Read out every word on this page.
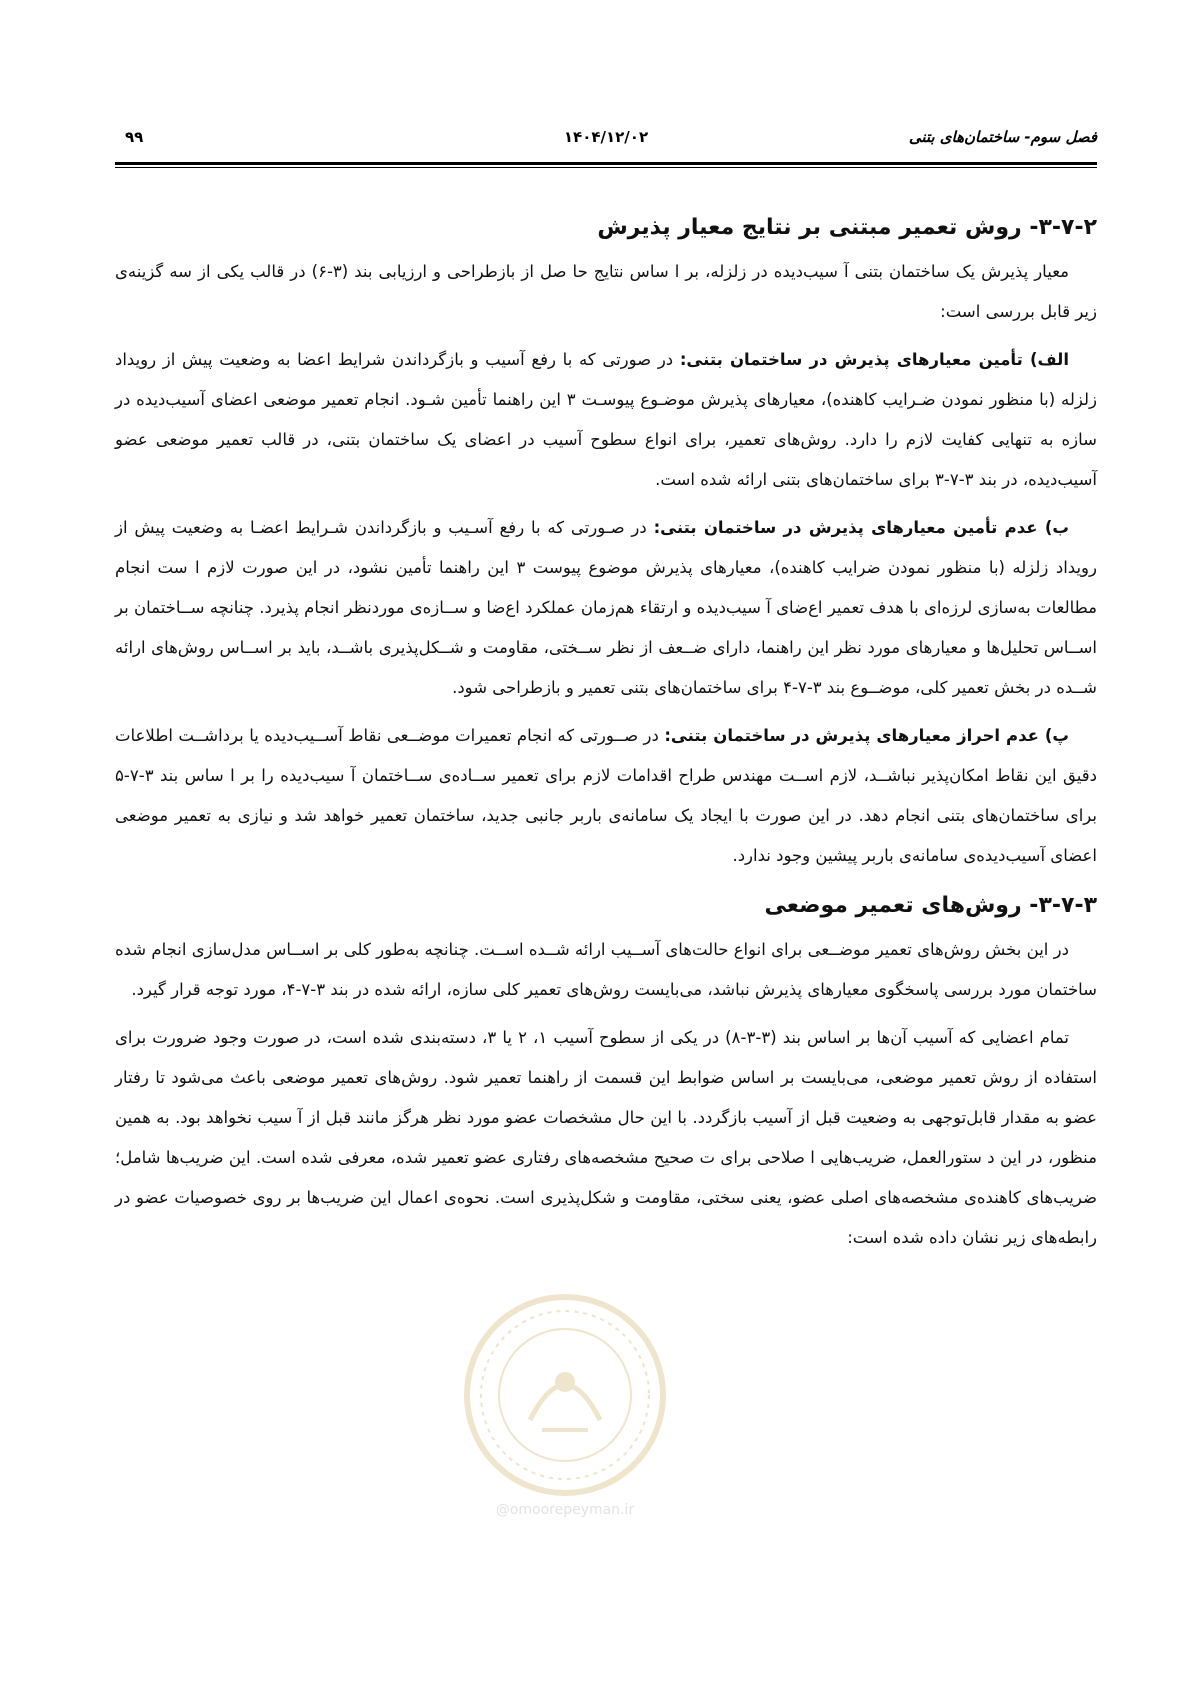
فصل سوم- ساختمان‌های بتنی
۱۴۰۴/۱۲/۰۲
۹۹
۳-۷-۲- روش تعمیر مبتنی بر نتایج معیار پذیرش

معیار پذیرش یک ساختمان بتنی آ سیب‌دیده در زلزله، بر ا ساس نتایج حا صل از بازطراحی و ارزیابی بند (۳-۶) در قالب یکی از سه گزینه‌ی زیر قابل بررسی است:

الف) تأمین معیارهای پذیرش در ساختمان بتنی: در صورتی که با رفع آسیب و بازگرداندن شرایط اعضا به وضعیت پیش از رویداد زلزله (با منظور نمودن ضـرایب کاهنده)، معیارهای پذیرش موضـوع پیوسـت ۳ این راهنما تأمین شـود. انجام تعمیر موضعی اعضای آسیب‌دیده در سازه به تنهایی کفایت لازم را دارد. روش‌های تعمیر، برای انواع سطوح آسیب در اعضای یک ساختمان بتنی، در قالب تعمیر موضعی عضو آسیب‌دیده، در بند ۳-۷-۳ برای ساختمان‌های بتنی ارائه شده است.

ب) عدم تأمین معیارهای پذیرش در ساختمان بتنی: در صـورتی که با رفع آسـیب و بازگرداندن شـرایط اعضـا به وضعیت پیش از رویداد زلزله (با منظور نمودن ضرایب کاهنده)، معیارهای پذیرش موضوع پیوست ۳ این راهنما تأمین نشود، در این صورت لازم ا ست انجام مطالعات به‌سازی لرزه‌ای با هدف تعمیر اع‌ضای آ سیب‌دیده و ارتقاء هم‌زمان عملکرد اع‌ضا و ســازه‌ی موردنظر انجام پذیرد. چنانچه ســاختمان بر اســاس تحلیل‌ها و معیارهای مورد نظر این راهنما، دارای ضــعف از نظر ســختی، مقاومت و شــکل‌پذیری باشــد، باید بر اســاس روش‌های ارائه شــده در بخش تعمیر کلی، موضــوع بند ۳-۷-۴ برای ساختمان‌های بتنی تعمیر و بازطراحی شود.

پ) عدم احراز معیارهای پذیرش در ساختمان بتنی: در صــورتی که انجام تعمیرات موضــعی نقاط آســیب‌دیده یا برداشــت اطلاعات دقیق این نقاط امکان‌پذیر نباشــد، لازم اســت مهندس طراح اقدامات لازم برای تعمیر ســاده‌ی ســاختمان آ سیب‌دیده را بر ا ساس بند ۳-۷-۵ برای ساختمان‌های بتنی انجام دهد. در این صورت با ایجاد یک سامانه‌ی باربر جانبی جدید، ساختمان تعمیر خواهد شد و نیازی به تعمیر موضعی اعضای آسیب‌دیده‌ی سامانه‌ی باربر پیشین وجود ندارد.

۳-۷-۳- روش‌های تعمیر موضعی

در این بخش روش‌های تعمیر موضــعی برای انواع حالت‌های آســیب ارائه شــده اســت. چنانچه به‌طور کلی بر اســاس مدل‌سازی انجام شده ساختمان مورد بررسی پاسخگوی معیارهای پذیرش نباشد، می‌بایست روش‌های تعمیر کلی سازه، ارائه شده در بند ۳-۷-۴، مورد توجه قرار گیرد.

تمام اعضایی که آسیب آن‌ها بر اساس بند (۳-۳-۸) در یکی از سطوح آسیب ۱، ۲ یا ۳، دسته‌بندی شده است، در صورت وجود ضرورت برای استفاده از روش تعمیر موضعی، می‌بایست بر اساس ضوابط این قسمت از راهنما تعمیر شود. روش‌های تعمیر موضعی باعث می‌شود تا رفتار عضو به مقدار قابل‌توجهی به وضعیت قبل از آسیب بازگردد. با این حال مشخصات عضو مورد نظر هرگز مانند قبل از آ سیب نخواهد بود. به همین منظور، در این د ستورالعمل، ضریب‌هایی ا صلاحی برای ت صحیح مشخصه‌های رفتاری عضو تعمیر شده، معرفی شده است. این ضریب‌ها شامل؛ ضریب‌های کاهنده‌ی مشخصه‌های اصلی عضو، یعنی سختی، مقاومت و شکل‌پذیری است. نحوه‌ی اعمال این ضریب‌ها بر روی خصوصیات عضو در رابطه‌های زیر نشان داده شده است:

@omoorepeyman.ir
